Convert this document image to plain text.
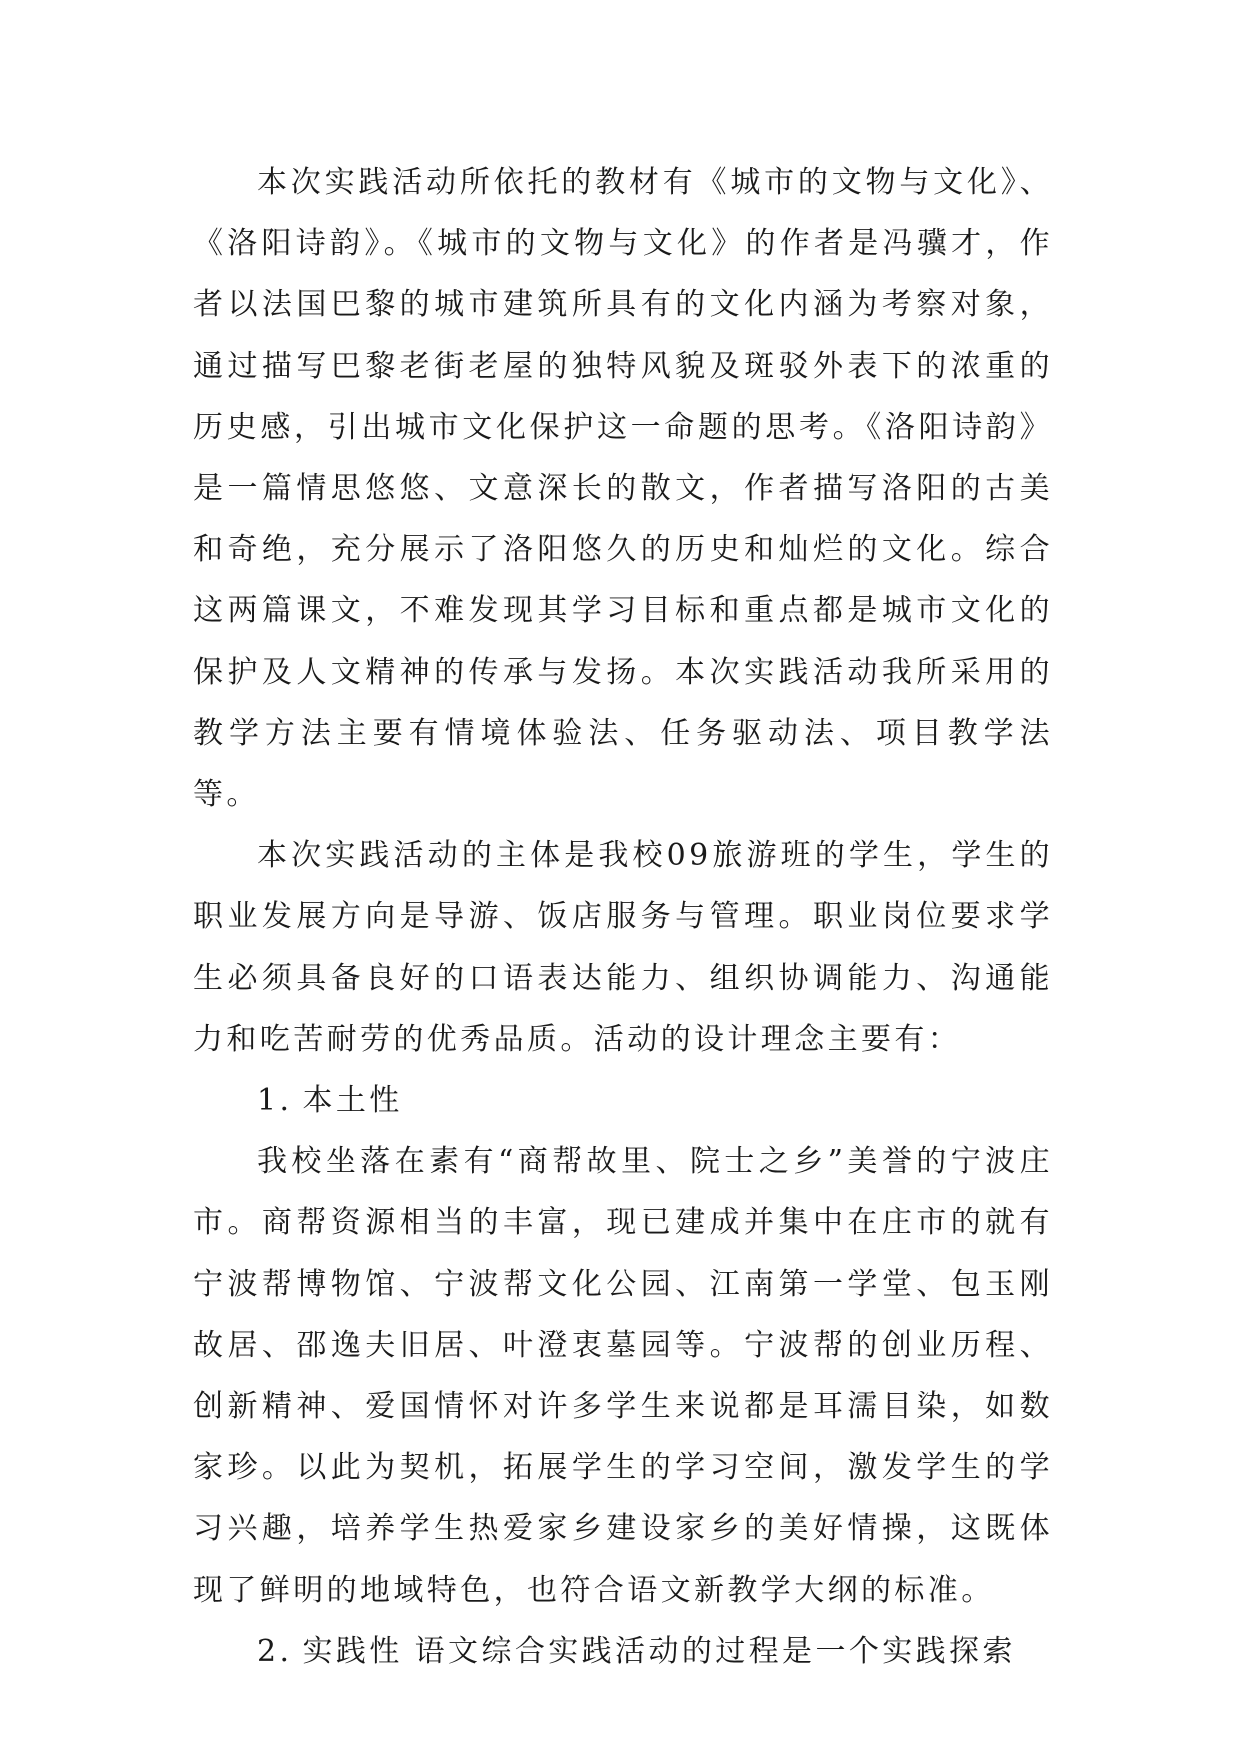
本次实践活动所依托的教材有《城市的文物与文化》、《洛阳诗韵》。《城市的文物与文化》的作者是冯骥才，作者以法国巴黎的城市建筑所具有的文化内涵为考察对象，通过描写巴黎老街老屋的独特风貌及斑驳外表下的浓重的历史感，引出城市文化保护这一命题的思考。《洛阳诗韵》是一篇情思悠悠、文意深长的散文，作者描写洛阳的古美和奇绝，充分展示了洛阳悠久的历史和灿烂的文化。综合这两篇课文，不难发现其学习目标和重点都是城市文化的保护及人文精神的传承与发扬。本次实践活动我所采用的教学方法主要有情境体验法、任务驱动法、项目教学法等。

本次实践活动的主体是我校09旅游班的学生，学生的职业发展方向是导游、饭店服务与管理。职业岗位要求学生必须具备良好的口语表达能力、组织协调能力、沟通能力和吃苦耐劳的优秀品质。活动的设计理念主要有：

1. 本土性

我校坐落在素有“商帮故里、院士之乡”美誉的宁波庄市。商帮资源相当的丰富，现已建成并集中在庄市的就有宁波帮博物馆、宁波帮文化公园、江南第一学堂、包玉刚故居、邵逸夫旧居、叶澄衷墓园等。宁波帮的创业历程、创新精神、爱国情怀对许多学生来说都是耳濡目染，如数家珍。以此为契机，拓展学生的学习空间，激发学生的学习兴趣，培养学生热爱家乡建设家乡的美好情操，这既体现了鲜明的地域特色，也符合语文新教学大纲的标准。

2. 实践性 语文综合实践活动的过程是一个实践探索
